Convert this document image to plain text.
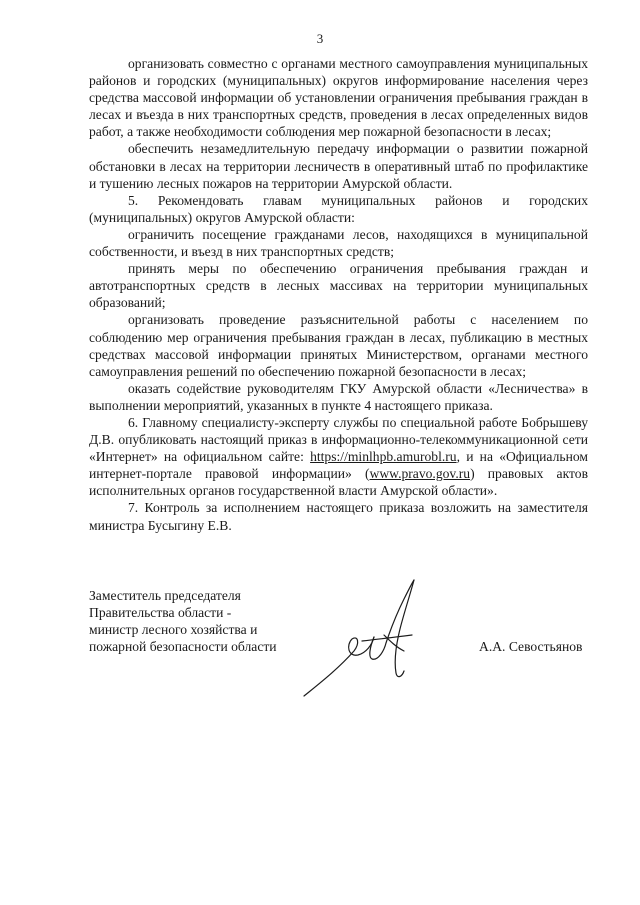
3

организовать совместно с органами местного самоуправления муниципальных районов и городских (муниципальных) округов информирование населения через средства массовой информации об установлении ограничения пребывания граждан в лесах и въезда в них транспортных средств, проведения в лесах определенных видов работ, а также необходимости соблюдения мер пожарной безопасности в лесах;

обеспечить незамедлительную передачу информации о развитии пожарной обстановки в лесах на территории лесничеств в оперативный штаб по профилактике и тушению лесных пожаров на территории Амурской области.

5. Рекомендовать главам муниципальных районов и городских (муниципальных) округов Амурской области:

ограничить посещение гражданами лесов, находящихся в муниципальной собственности, и въезд в них транспортных средств;

принять меры по обеспечению ограничения пребывания граждан и автотранспортных средств в лесных массивах на территории муниципальных образований;

организовать проведение разъяснительной работы с населением по соблюдению мер ограничения пребывания граждан в лесах, публикацию в местных средствах массовой информации принятых Министерством, органами местного самоуправления решений по обеспечению пожарной безопасности в лесах;

оказать содействие руководителям ГКУ Амурской области «Лесничества» в выполнении мероприятий, указанных в пункте 4 настоящего приказа.

6. Главному специалисту-эксперту службы по специальной работе Бобрышеву Д.В. опубликовать настоящий приказ в информационно-телекоммуникационной сети «Интернет» на официальном сайте: https://minlhpb.amurobl.ru, и на «Официальном интернет-портале правовой информации» (www.pravo.gov.ru) правовых актов исполнительных органов государственной власти Амурской области».

7. Контроль за исполнением настоящего приказа возложить на заместителя министра Бусыгину Е.В.

Заместитель председателя
Правительства области -
министр лесного хозяйства и
пожарной безопасности области	А.А. Севостьянов
